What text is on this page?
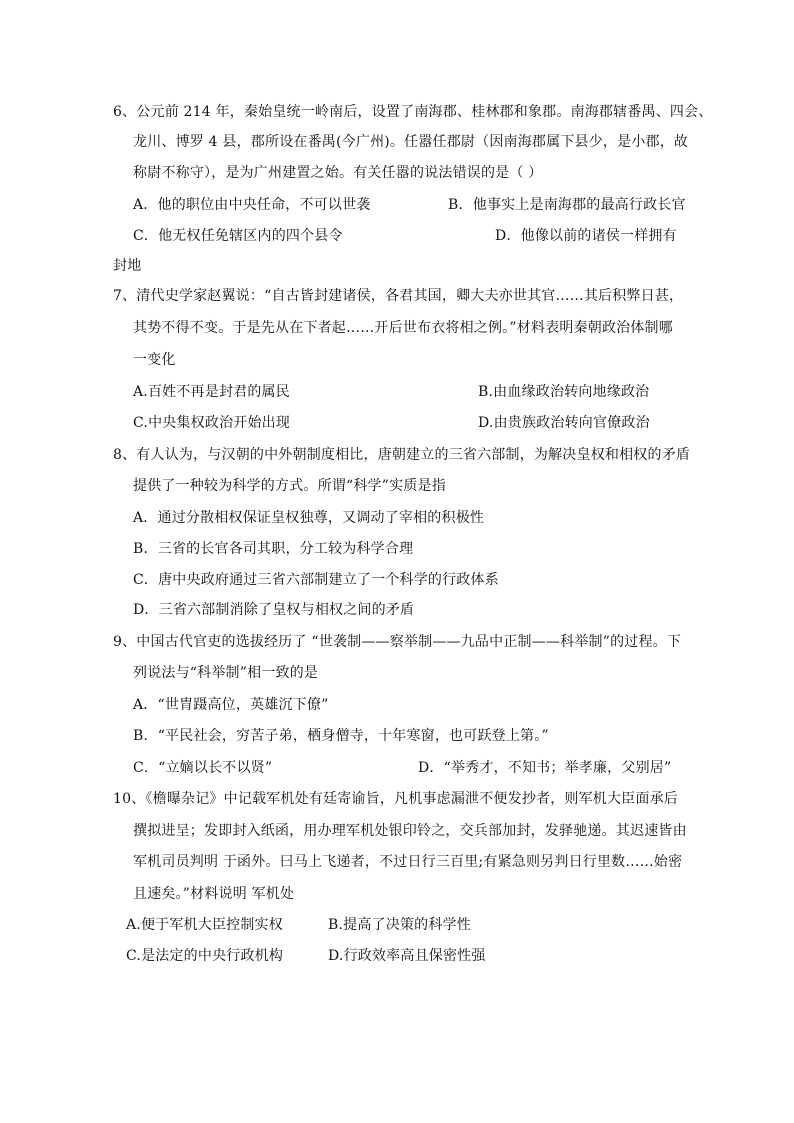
6、公元前 214 年，秦始皇统一岭南后，设置了南海郡、桂林郡和象郡。南海郡辖番禺、四会、
龙川、博罗 4 县，郡所设在番禺(今广州)。任嚣任郡尉（因南海郡属下县少，是小郡，故
称尉不称守），是为广州建置之始。有关任嚣的说法错误的是（ ）
A．他的职位由中央任命，不可以世袭	B．他事实上是南海郡的最高行政长官
C．他无权任免辖区内的四个县令	D．他像以前的诸侯一样拥有
封地
7、清代史学家赵翼说：“自古皆封建诸侯，各君其国，卿大夫亦世其官……其后积弊日甚，
其势不得不变。于是先从在下者起……开后世布衣将相之例。”材料表明秦朝政治体制哪
一变化
A.百姓不再是封君的属民	B.由血缘政治转向地缘政治
C.中央集权政治开始出现	D.由贵族政治转向官僚政治
8、有人认为，与汉朝的中外朝制度相比，唐朝建立的三省六部制，为解决皇权和相权的矛盾
提供了一种较为科学的方式。所谓“科学”实质是指
A．通过分散相权保证皇权独尊，又调动了宰相的积极性
B．三省的长官各司其职，分工较为科学合理
C．唐中央政府通过三省六部制建立了一个科学的行政体系
D．三省六部制消除了皇权与相权之间的矛盾
9、中国古代官吏的选拔经历了 “世袭制——察举制——九品中正制——科举制”的过程。下
列说法与“科举制”相一致的是
A．“世胄蹑高位，英雄沉下僚”
B．“平民社会，穷苦子弟，栖身僧寺，十年寒窗，也可跃登上第。”
C．“立嫡以长不以贤”	D．“举秀才，不知书；举孝廉，父别居”
10、《檐曝杂记》中记载军机处有廷寄谕旨，凡机事虑漏泄不便发抄者，则军机大臣面承后
撰拟进呈；发即封入纸函，用办理军机处银印铃之，交兵部加封，发驿驰递。其迟速皆由
军机司员判明 于函外。曰马上飞递者，不过日行三百里;有紧急则另判日行里数……始密
且速矣。”材料说明 军机处
A.便于军机大臣控制实权	B.提高了决策的科学性
C.是法定的中央行政机构	D.行政效率高且保密性强
